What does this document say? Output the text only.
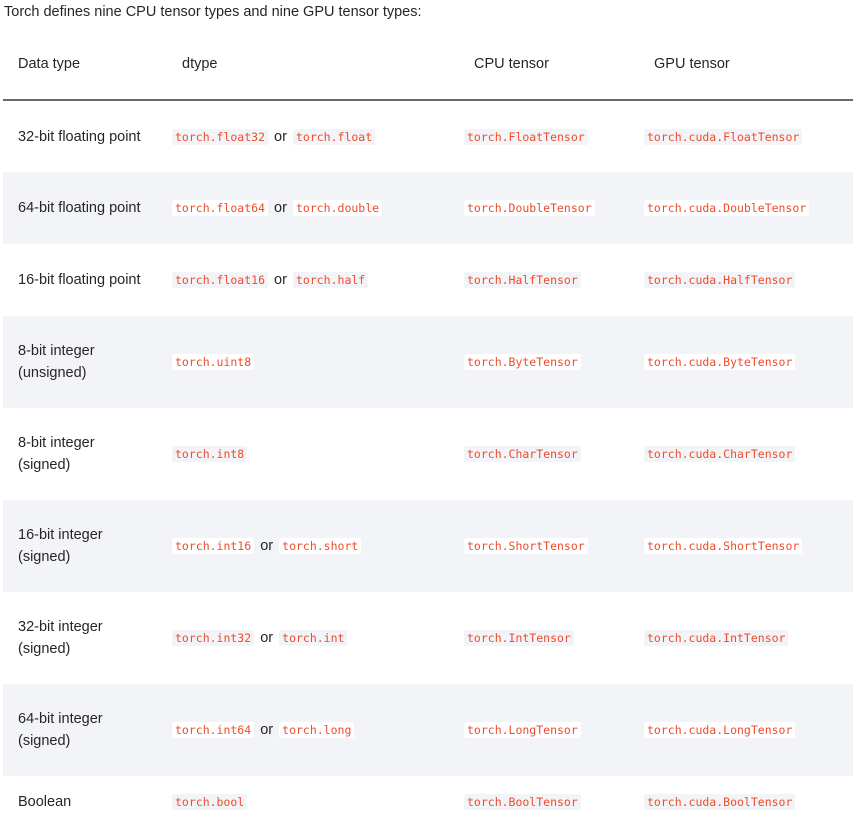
Torch defines nine CPU tensor types and nine GPU tensor types:

Data type	dtype	CPU tensor	GPU tensor
32-bit floating point	torch.float32 or torch.float	torch.FloatTensor	torch.cuda.FloatTensor
64-bit floating point	torch.float64 or torch.double	torch.DoubleTensor	torch.cuda.DoubleTensor
16-bit floating point	torch.float16 or torch.half	torch.HalfTensor	torch.cuda.HalfTensor
8-bit integer
(unsigned)	torch.uint8	torch.ByteTensor	torch.cuda.ByteTensor
8-bit integer
(signed)	torch.int8	torch.CharTensor	torch.cuda.CharTensor
16-bit integer
(signed)	torch.int16 or torch.short	torch.ShortTensor	torch.cuda.ShortTensor
32-bit integer
(signed)	torch.int32 or torch.int	torch.IntTensor	torch.cuda.IntTensor
64-bit integer
(signed)	torch.int64 or torch.long	torch.LongTensor	torch.cuda.LongTensor
Boolean	torch.bool	torch.BoolTensor	torch.cuda.BoolTensor
